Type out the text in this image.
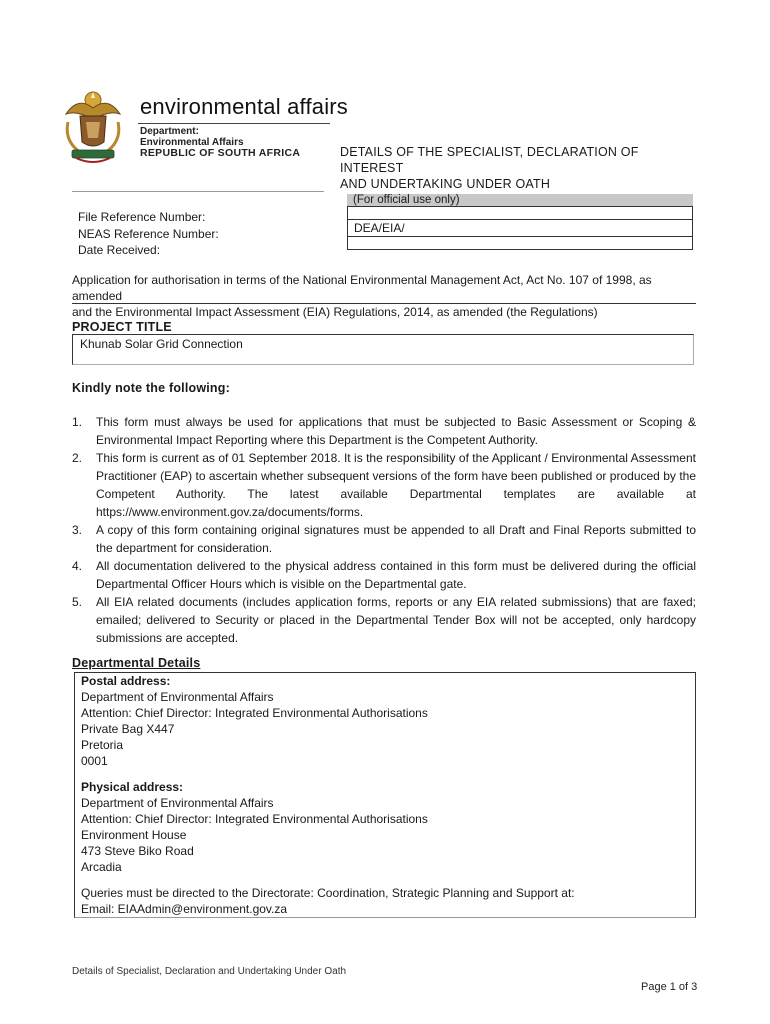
environmental affairs
Department:
Environmental Affairs
REPUBLIC OF SOUTH AFRICA	DETAILS OF THE SPECIALIST, DECLARATION OF INTEREST
AND UNDERTAKING UNDER OATH
File Reference Number:
NEAS Reference Number:
Date Received:
(For official use only)
DEA/EIA/
Application for authorisation in terms of the National Environmental Management Act, Act No. 107 of 1998, as amended
and the Environmental Impact Assessment (EIA) Regulations, 2014, as amended (the Regulations)
PROJECT TITLE
Khunab Solar Grid Connection
Kindly note the following:
1. This form must always be used for applications that must be subjected to Basic Assessment or Scoping & Environmental Impact Reporting where this Department is the Competent Authority.
2. This form is current as of 01 September 2018. It is the responsibility of the Applicant / Environmental Assessment Practitioner (EAP) to ascertain whether subsequent versions of the form have been published or produced by the Competent Authority. The latest available Departmental templates are available at https://www.environment.gov.za/documents/forms.
3. A copy of this form containing original signatures must be appended to all Draft and Final Reports submitted to the department for consideration.
4. All documentation delivered to the physical address contained in this form must be delivered during the official Departmental Officer Hours which is visible on the Departmental gate.
5. All EIA related documents (includes application forms, reports or any EIA related submissions) that are faxed; emailed; delivered to Security or placed in the Departmental Tender Box will not be accepted, only hardcopy submissions are accepted.
Departmental Details
Postal address:
Department of Environmental Affairs
Attention: Chief Director: Integrated Environmental Authorisations
Private Bag X447
Pretoria
0001
Physical address:
Department of Environmental Affairs
Attention: Chief Director: Integrated Environmental Authorisations
Environment House
473 Steve Biko Road
Arcadia
Queries must be directed to the Directorate: Coordination, Strategic Planning and Support at:
Email: EIAAdmin@environment.gov.za
Details of Specialist, Declaration and Undertaking Under Oath
Page 1 of 3
